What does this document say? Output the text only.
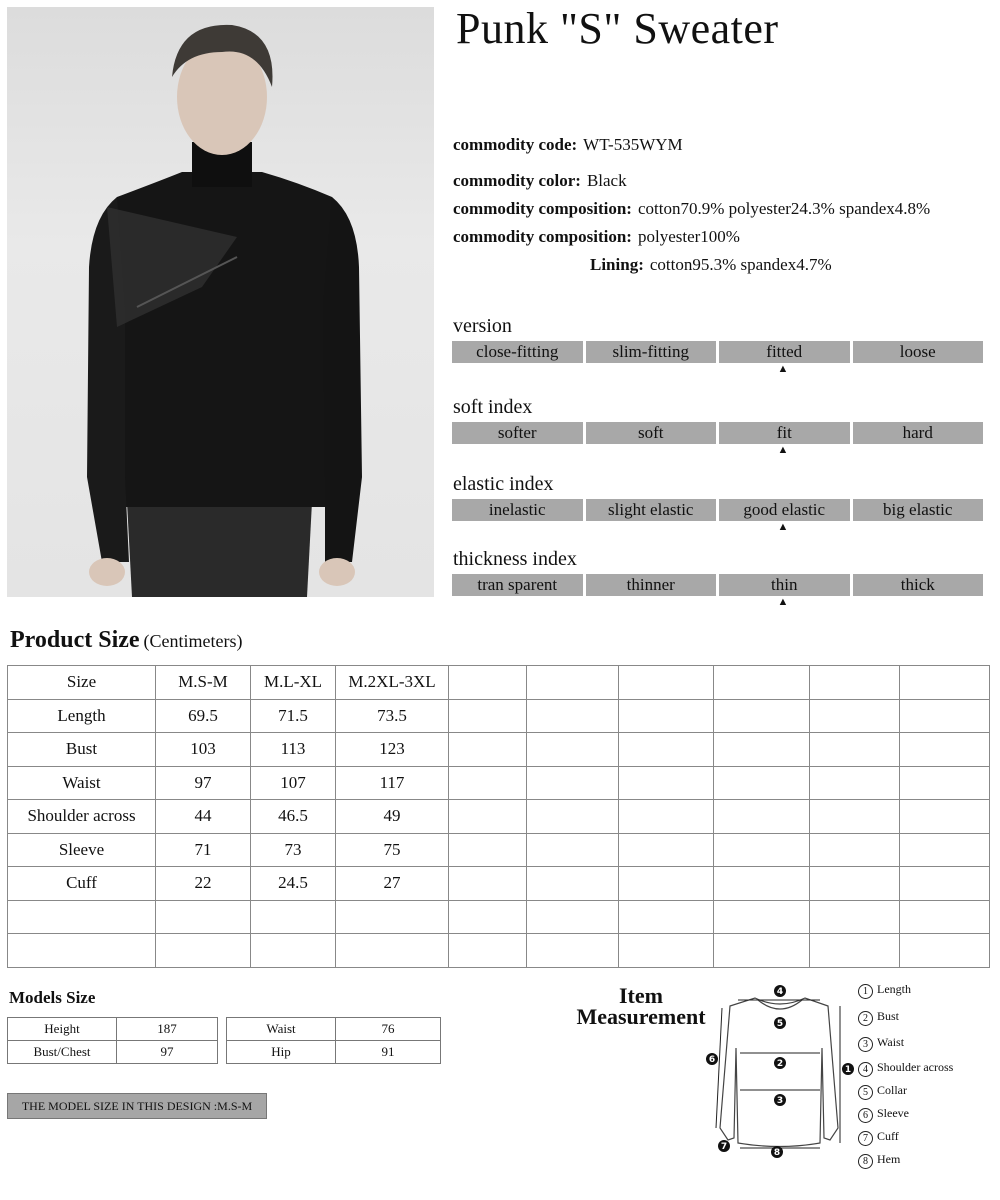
Punk "S" Sweater
commodity code: WT-535WYM
commodity color: Black
commodity composition: cotton70.9% polyester24.3% spandex4.8%
commodity composition: polyester100%
Lining: cotton95.3% spandex4.7%
version
close-fitting	slim-fitting	fitted	loose
▲
soft index
softer	soft	fit	hard
▲
elastic index
inelastic	slight elastic	good elastic	big elastic
▲
thickness index
tran sparent	thinner	thin	thick
▲
Product Size (Centimeters)
Size	M.S-M	M.L-XL	M.2XL-3XL						
Length	69.5	71.5	73.5						
Bust	103	113	123						
Waist	97	107	117						
Shoulder across	44	46.5	49						
Sleeve	71	73	75						
Cuff	22	24.5	27						

Models Size
Height	187
Bust/Chest	97
Waist	76
Hip	91
THE MODEL SIZE IN THIS DESIGN :M.S-M
Item
Measurement
4
5
2
3
8
1
6
7
1 Length
2 Bust
3 Waist
4 Shoulder across
5 Collar
6 Sleeve
7 Cuff
8 Hem
